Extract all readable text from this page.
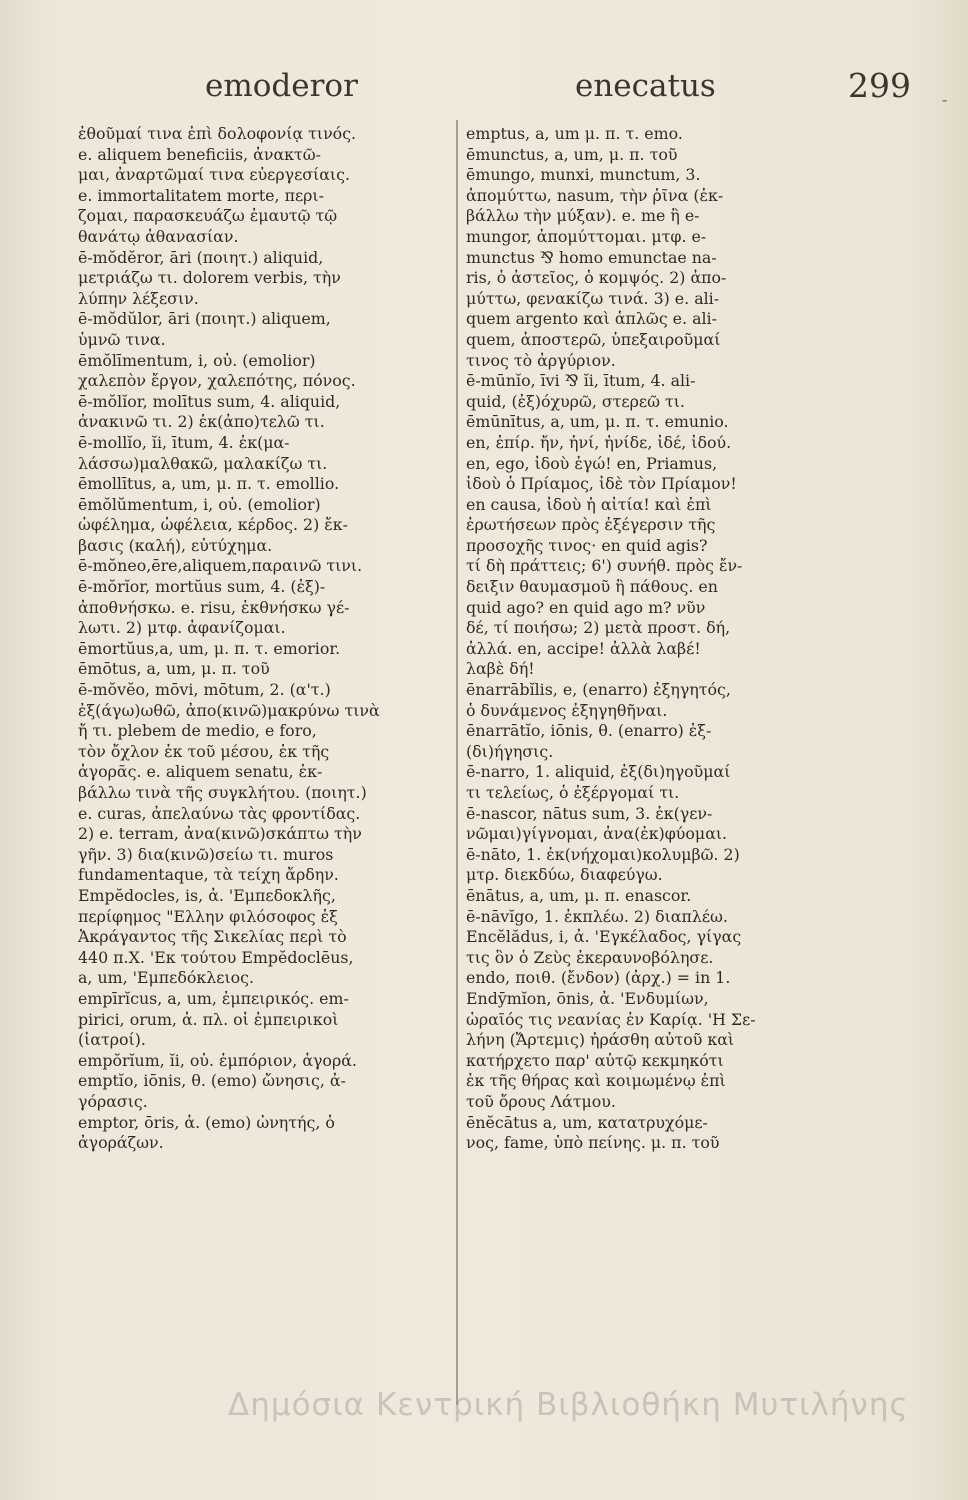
emoderor	enecatus	299 -
ἐθοῦμαί τινα ἐπὶ δολοφονίᾳ τινός.
e. aliquem beneficiis, ἀνακτῶ-
μαι, ἀναρτῶμαί τινα εὐεργεσίαις.
e. immortalitatem morte, περι-
ζομαι, παρασκευάζω ἐμαυτῷ τῷ
θανάτῳ ἀθανασίαν.
ē-mŏdĕror, āri (ποιητ.) aliquid,
μετριάζω τι. dolorem verbis, τὴν
λύπην λέξεσιν.
ē-mŏdŭlor, āri (ποιητ.) aliquem,
ὑμνῶ τινα.
ēmŏlīmentum, i, οὐ. (emolior)
χαλεπὸν ἔργον, χαλεπότης, πόνος.
ē-mŏlĭor, molītus sum, 4. aliquid,
ἀνακινῶ τι. 2) ἐκ(ἀπο)τελῶ τι.
ē-mollĭo, ĭi, ītum, 4. ἐκ(μα-
λάσσω)μαλθακῶ, μαλακίζω τι.
ēmollītus, a, um, μ. π. τ. emollio.
ēmŏlŭmentum, i, οὐ. (emolior)
ὠφέλημα, ὠφέλεια, κέρδος. 2) ἔκ-
βασις (καλή), εὐτύχημα.
ē-mŏneo,ēre,aliquem,παραινῶ τινι.
ē-mŏrĭor, mortŭus sum, 4. (ἐξ)-
ἀποθνήσκω. e. risu, ἐκθνήσκω γέ-
λωτι. 2) μτφ. ἀφανίζομαι.
ēmortŭus,a, um, μ. π. τ. emorior.
ēmōtus, a, um, μ. π. τοῦ
ē-mŏvĕo, mōvi, mōtum, 2. (α'τ.)
ἐξ(άγω)ωθῶ, ἀπο(κινῶ)μακρύνω τινὰ
ἤ τι. plebem de medio, e foro,
τὸν ὄχλον ἐκ τοῦ μέσου, ἐκ τῆς
ἀγορᾶς. e. aliquem senatu, ἐκ-
βάλλω τινὰ τῆς συγκλήτου. (ποιητ.)
e. curas, ἀπελαύνω τὰς φροντίδας.
2) e. terram, ἀνα(κινῶ)σκάπτω τὴν
γῆν. 3) δια(κινῶ)σείω τι. muros
fundamentaque, τὰ τείχη ἄρδην.
Empĕdocles, is, ἀ. 'Εμπεδοκλῆς,
περίφημος "Ελλην φιλόσοφος ἐξ
Ἀκράγαντος τῆς Σικελίας περὶ τὸ
440 π.Χ. 'Εκ τούτου Empĕdoclēus,
a, um, 'Εμπεδόκλειος.
empīrĭcus, a, um, ἐμπειρικός. em-
pirici, orum, ἀ. πλ. οἱ ἐμπειρικοὶ
(ἰατροί).
empŏrĭum, ĭi, οὐ. ἐμπόριον, ἀγορά.
emptĭo, iōnis, θ. (emo) ὤνησις, ἀ-
γόρασις.
emptor, ōris, ἀ. (emo) ὠνητής, ὁ
ἀγοράζων.
emptus, a, um μ. π. τ. emo.
ēmunctus, a, um, μ. π. τοῦ
ēmungo, munxi, munctum, 3.
ἀπομύττω, nasum, τὴν ῥῖνα (ἐκ-
βάλλω τὴν μύξαν). e. me ἢ e-
mungor, ἀπομύττομαι. μτφ. e-
munctus ⅋ homo emunctae na-
ris, ὁ ἀστεῖος, ὁ κομψός. 2) ἀπο-
μύττω, φενακίζω τινά. 3) e. ali-
quem argento καὶ ἁπλῶς e. ali-
quem, ἀποστερῶ, ὑπεξαιροῦμαί
τινος τὸ ἀργύριον.
ē-mūnĭo, īvi ⅋ ĭi, ītum, 4. ali-
quid, (ἐξ)όχυρῶ, στερεῶ τι.
ēmūnītus, a, um, μ. π. τ. emunio.
en, ἐπίρ. ἤν, ἠνί, ἠνίδε, ἰδέ, ἰδού.
en, ego, ἰδοὺ ἐγώ! en, Priamus,
ἰδοὺ ὁ Πρίαμος, ἰδὲ τὸν Πρίαμον!
en causa, ἰδοὺ ἡ αἰτία! καὶ ἐπὶ
ἐρωτήσεων πρὸς ἐξέγερσιν τῆς
προσοχῆς τινος· en quid agis?
τί δὴ πράττεις; 6') συνήθ. πρὸς ἔν-
δειξιν θαυμασμοῦ ἢ πάθους. en
quid ago? en quid ago m? νῦν
δέ, τί ποιήσω; 2) μετὰ προστ. δή,
ἀλλά. en, accipe! ἀλλὰ λαβέ!
λαβὲ δή!
ēnarrābĭlis, e, (enarro) ἐξηγητός,
ὁ δυνάμενος ἐξηγηθῆναι.
ēnarrātĭo, iōnis, θ. (enarro) ἐξ-
(δι)ήγησις.
ē-narro, 1. aliquid, ἐξ(δι)ηγοῦμαί
τι τελείως, ὁ ἐξέργομαί τι.
ē-nascor, nātus sum, 3. ἐκ(γεν-
νῶμαι)γίγνομαι, ἀνα(ἐκ)φύομαι.
ē-nāto, 1. ἐκ(νήχομαι)κολυμβῶ. 2)
μτρ. διεκδύω, διαφεύγω.
ēnātus, a, um, μ. π. enascor.
ē-nāvĭgo, 1. ἐκπλέω. 2) διαπλέω.
Encĕlădus, i, ἀ. 'Εγκέλαδος, γίγας
τις ὃν ὁ Ζεὺς ἐκεραυνοβόλησε.
endo, ποιθ. (ἔνδον) (ἀρχ.) = in 1.
Endȳmĭon, ōnis, ἀ. 'Ενδυμίων,
ὡραῖός τις νεανίας ἐν Καρίᾳ. 'Η Σε-
λήνη (Ἄρτεμις) ἠράσθη αὐτοῦ καὶ
κατήρχετο παρ' αὐτῷ κεκμηκότι
ἐκ τῆς θήρας καὶ κοιμωμένῳ ἐπὶ
τοῦ ὄρους Λάτμου.
ēnĕcātus a, um, κατατρυχόμε-
νος, fame, ὑπὸ πείνης. μ. π. τοῦ
Δημόσια Κεντρική Βιβλιοθήκη Μυτιλήνης
